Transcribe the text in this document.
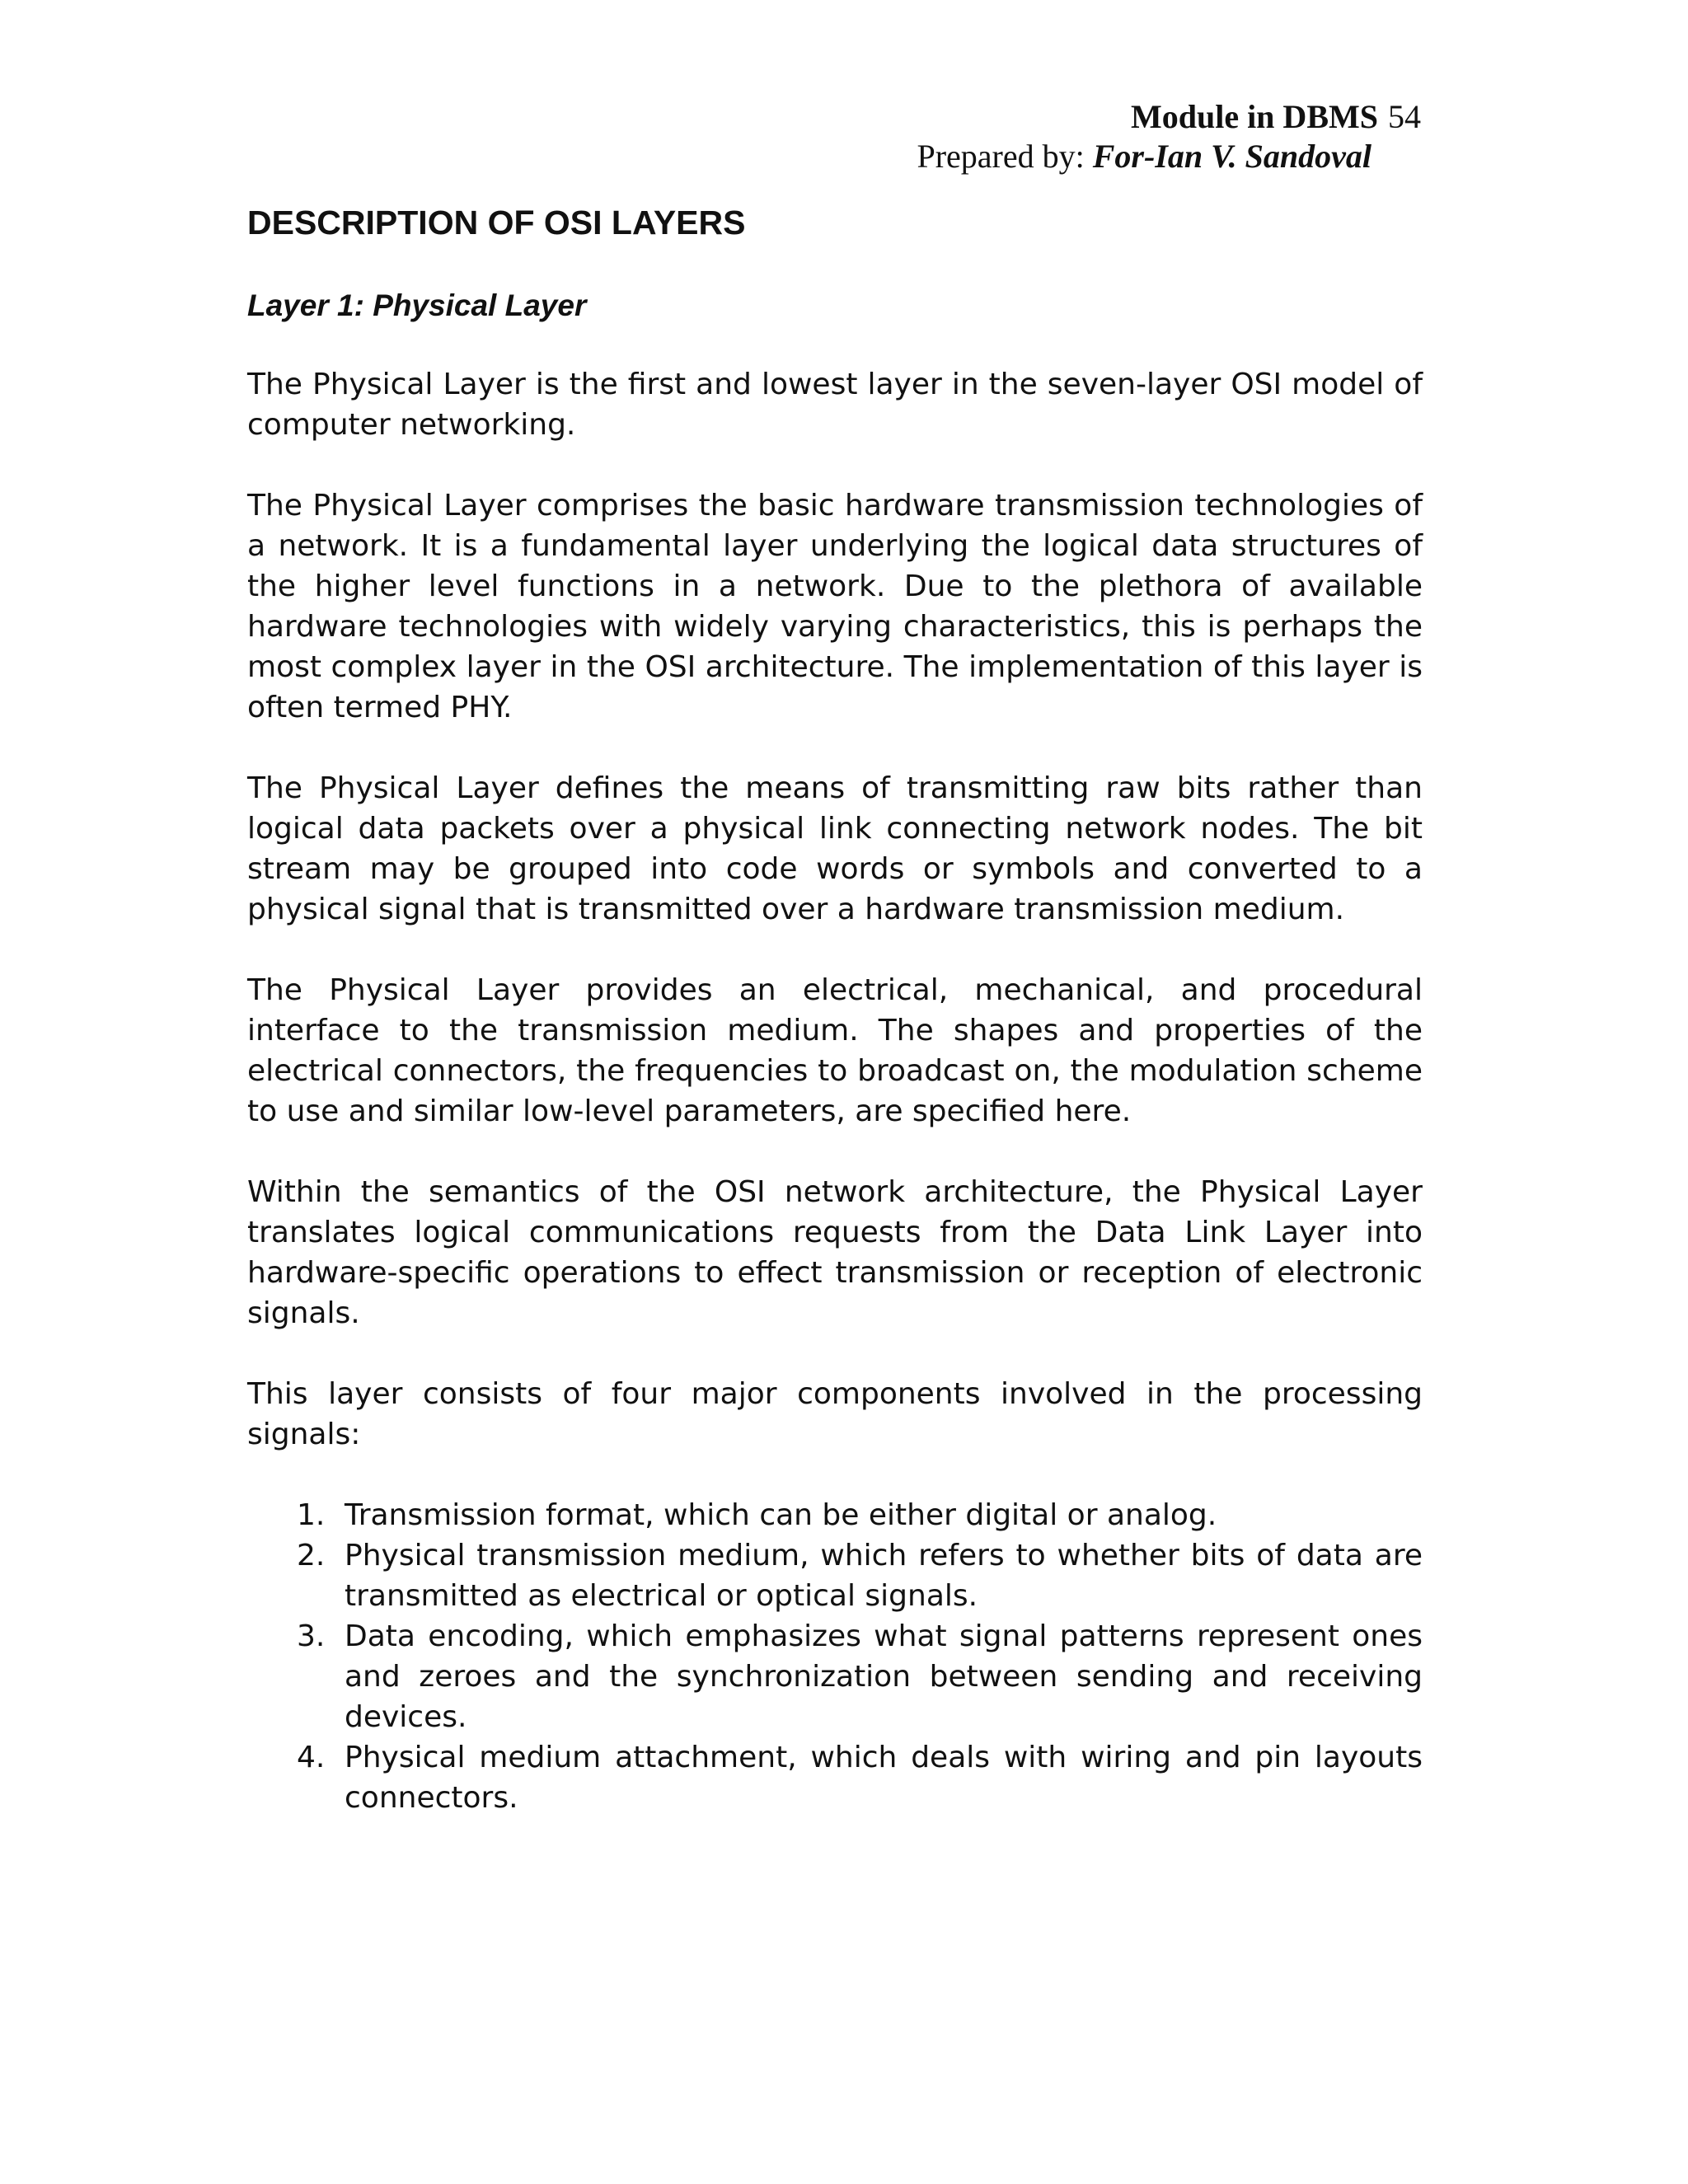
Module in DBMS 54
Prepared by: For-Ian V. Sandoval
DESCRIPTION OF OSI LAYERS
Layer 1: Physical Layer

The Physical Layer is the first and lowest layer in the seven-layer OSI model of computer networking.

The Physical Layer comprises the basic hardware transmission technologies of a network. It is a fundamental layer underlying the logical data structures of the higher level functions in a network. Due to the plethora of available hardware technologies with widely varying characteristics, this is perhaps the most complex layer in the OSI architecture. The implementation of this layer is often termed PHY.

The Physical Layer defines the means of transmitting raw bits rather than logical data packets over a physical link connecting network nodes. The bit stream may be grouped into code words or symbols and converted to a physical signal that is transmitted over a hardware transmission medium.

The Physical Layer provides an electrical, mechanical, and procedural interface to the transmission medium. The shapes and properties of the electrical connectors, the frequencies to broadcast on, the modulation scheme to use and similar low-level parameters, are specified here.

Within the semantics of the OSI network architecture, the Physical Layer translates logical communications requests from the Data Link Layer into hardware-specific operations to effect transmission or reception of electronic signals.

This layer consists of four major components involved in the processing signals:

1. Transmission format, which can be either digital or analog.
2. Physical transmission medium, which refers to whether bits of data are transmitted as electrical or optical signals.
3. Data encoding, which emphasizes what signal patterns represent ones and zeroes and the synchronization between sending and receiving devices.
4. Physical medium attachment, which deals with wiring and pin layouts connectors.
